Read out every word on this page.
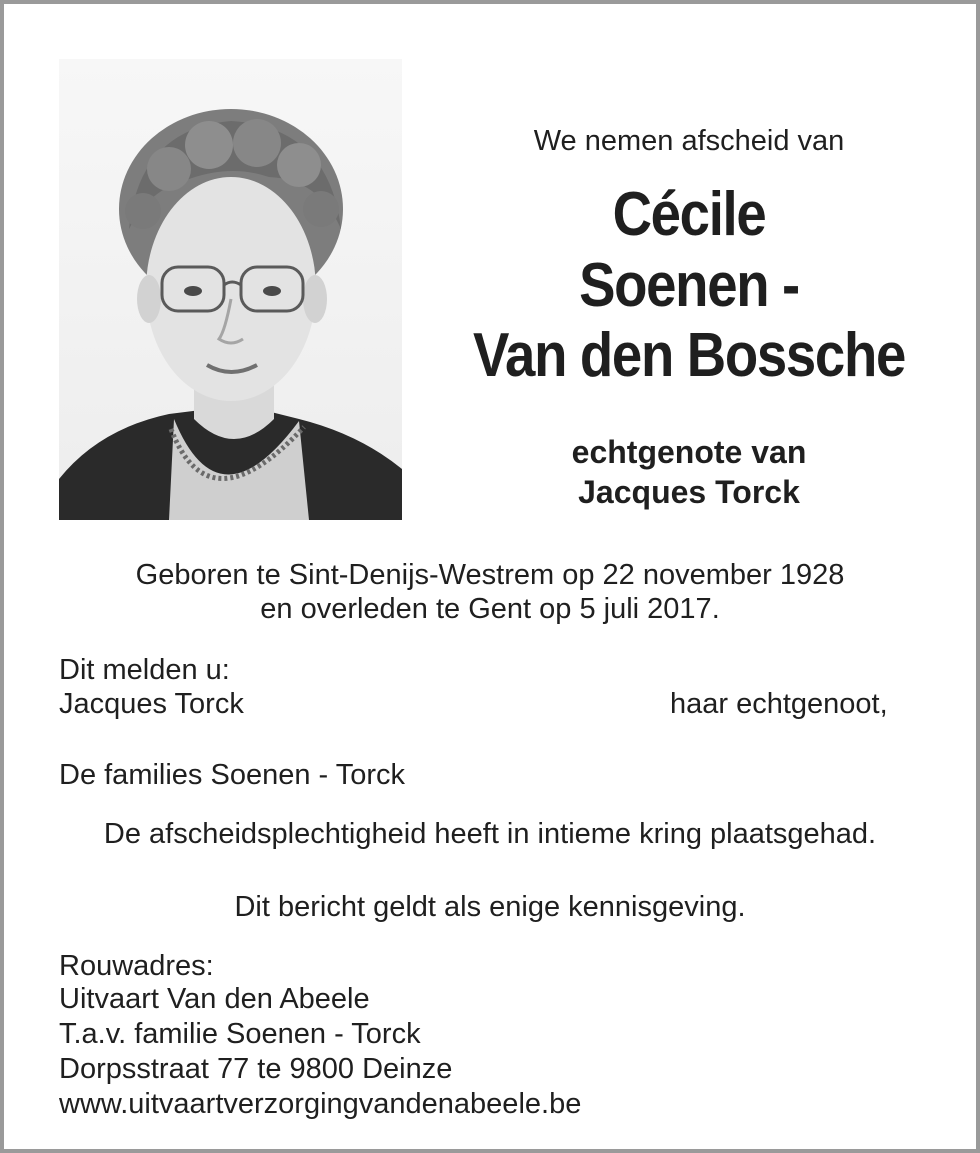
We nemen afscheid van
Cécile
Soenen -
Van den Bossche
echtgenote van
Jacques Torck
Geboren te Sint-Denijs-Westrem op 22 november 1928
en overleden te Gent op 5 juli 2017.
Dit melden u:
Jacques Torck	haar echtgenoot,
De families Soenen - Torck
De afscheidsplechtigheid heeft in intieme kring plaatsgehad.
Dit bericht geldt als enige kennisgeving.
Rouwadres:
Uitvaart Van den Abeele
T.a.v. familie Soenen - Torck
Dorpsstraat 77 te 9800 Deinze
www.uitvaartverzorgingvandenabeele.be
